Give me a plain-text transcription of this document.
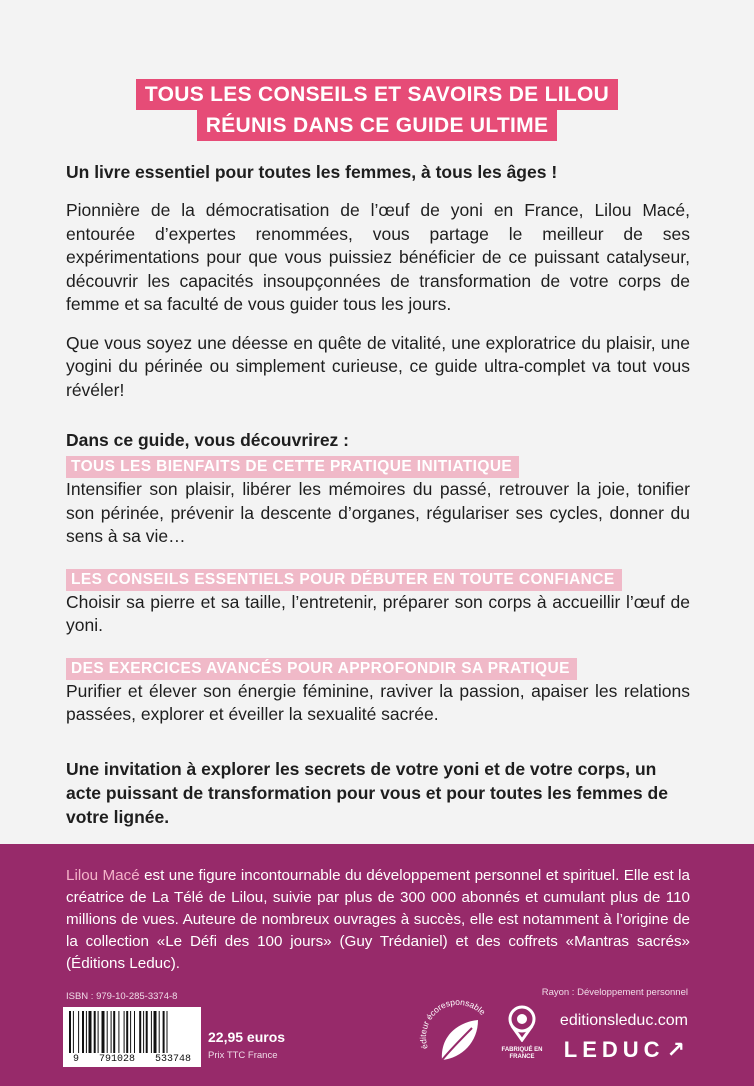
TOUS LES CONSEILS ET SAVOIRS DE LILOU
RÉUNIS DANS CE GUIDE ULTIME

Un livre essentiel pour toutes les femmes, à tous les âges !

Pionnière de la démocratisation de l’œuf de yoni en France, Lilou Macé, entourée d’expertes renommées, vous partage le meilleur de ses expérimentations pour que vous puissiez bénéficier de ce puissant catalyseur, découvrir les capacités insoupçonnées de transformation de votre corps de femme et sa faculté de vous guider tous les jours.

Que vous soyez une déesse en quête de vitalité, une exploratrice du plaisir, une yogini du périnée ou simplement curieuse, ce guide ultra-complet va tout vous révéler!

Dans ce guide, vous découvrirez :

TOUS LES BIENFAITS DE CETTE PRATIQUE INITIATIQUE

Intensifier son plaisir, libérer les mémoires du passé, retrouver la joie, tonifier son périnée, prévenir la descente d’organes, régulariser ses cycles, donner du sens à sa vie…

LES CONSEILS ESSENTIELS POUR DÉBUTER EN TOUTE CONFIANCE

Choisir sa pierre et sa taille, l’entretenir, préparer son corps à accueillir l’œuf de yoni.

DES EXERCICES AVANCÉS POUR APPROFONDIR SA PRATIQUE

Purifier et élever son énergie féminine, raviver la passion, apaiser les relations passées, explorer et éveiller la sexualité sacrée.

Une invitation à explorer les secrets de votre yoni et de votre corps, un acte puissant de transformation pour vous et pour toutes les femmes de votre lignée.

Lilou Macé est une figure incontournable du développement personnel et spirituel. Elle est la créatrice de La Télé de Lilou, suivie par plus de 300 000 abonnés et cumulant plus de 110 millions de vues. Auteure de nombreux ouvrages à succès, elle est notamment à l’origine de la collection «Le Défi des 100 jours» (Guy Trédaniel) et des coffrets «Mantras sacrés» (Éditions Leduc).

ISBN : 979-10-285-3374-8	Rayon : Développement personnel
9 791028 533748
22,95 euros
Prix TTC France
éditeur écoresponsable
FABRIQUÉ EN FRANCE
editionsleduc.com
LEDUC↗
